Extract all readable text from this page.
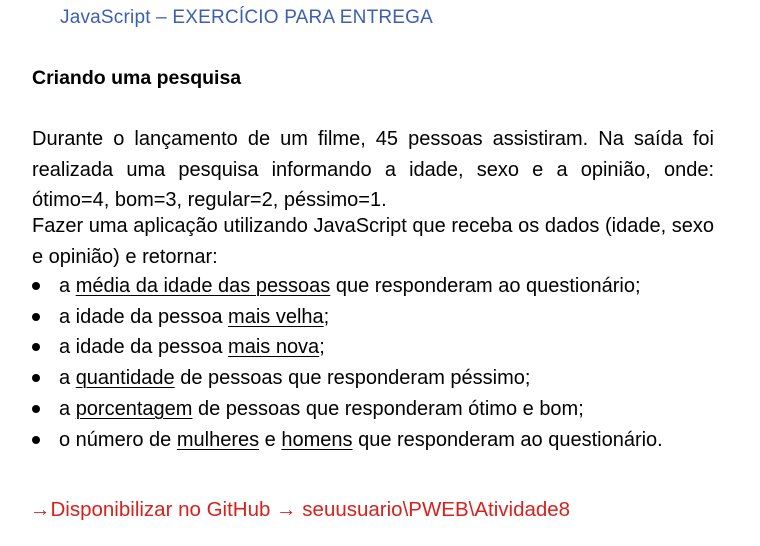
JavaScript – EXERCÍCIO PARA ENTREGA
Criando uma pesquisa
Durante o lançamento de um filme, 45 pessoas assistiram. Na saída foi realizada uma pesquisa informando a idade, sexo e a opinião, onde: ótimo=4, bom=3, regular=2, péssimo=1.
Fazer uma aplicação utilizando JavaScript que receba os dados (idade, sexo e opinião) e retornar:
a média da idade das pessoas que responderam ao questionário;
a idade da pessoa mais velha;
a idade da pessoa mais nova;
a quantidade de pessoas que responderam péssimo;
a porcentagem de pessoas que responderam ótimo e bom;
o número de mulheres e homens que responderam ao questionário.
→Disponibilizar no GitHub → seuusuario\PWEB\Atividade8
